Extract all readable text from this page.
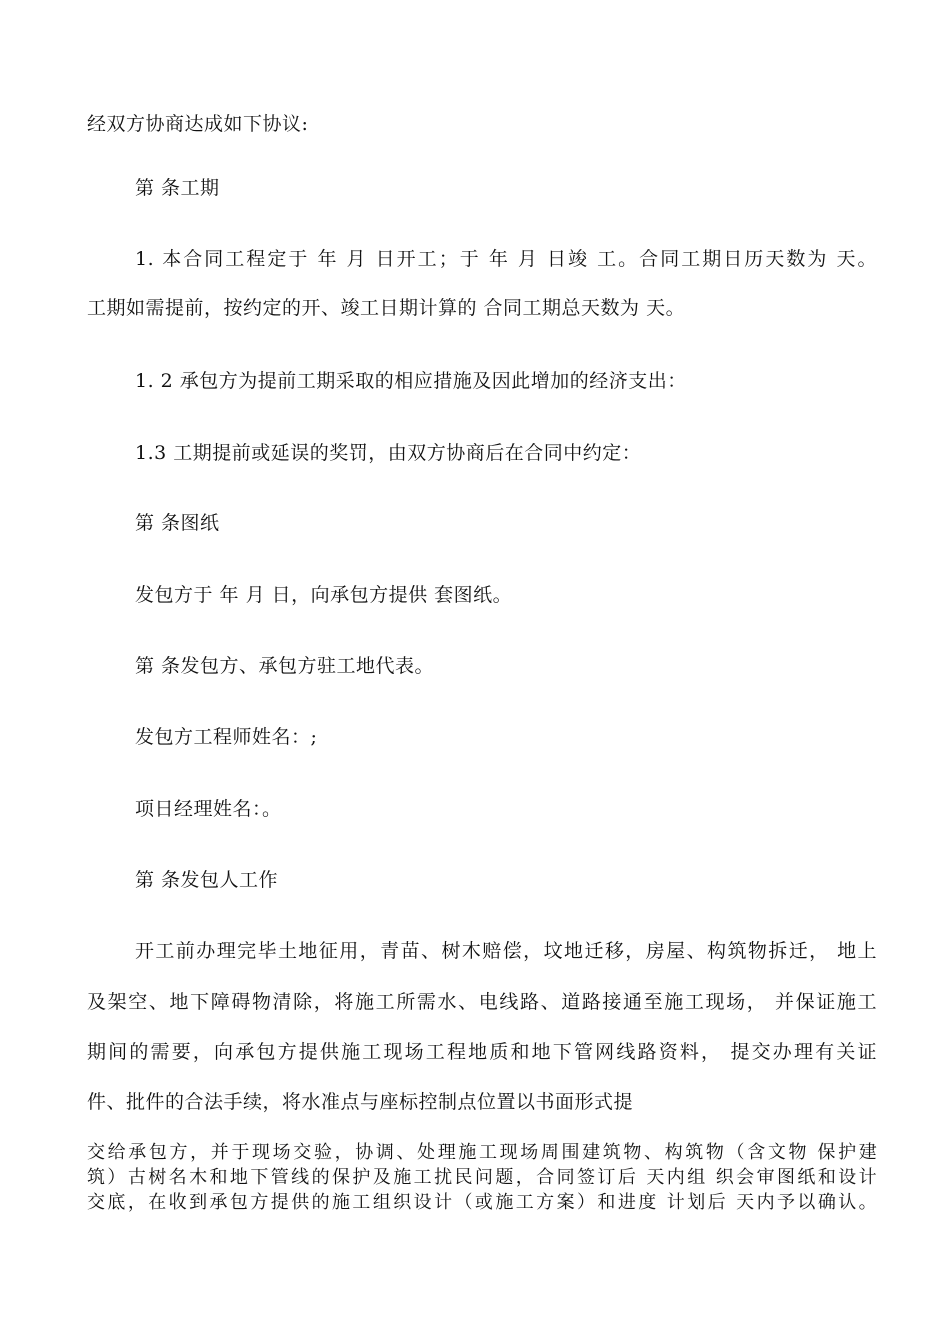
经双方协商达成如下协议:

第 条工期

1. 本合同工程定于 年 月 日开工；于 年 月 日竣 工。合同工期日历天数为 天。

工期如需提前，按约定的开、竣工日期计算的 合同工期总天数为 天。

1. 2 承包方为提前工期采取的相应措施及因此增加的经济支出：

1.3 工期提前或延误的奖罚，由双方协商后在合同中约定：

第 条图纸

发包方于 年 月 日，向承包方提供 套图纸。

第 条发包方、承包方驻工地代表。

发包方工程师姓名：;

项日经理姓名：。

第 条发包人工作

开工前办理完毕土地征用，青苗、树木赔偿，坟地迁移，房屋、构筑物拆迁， 地上

及架空、地下障碍物清除，将施工所需水、电线路、道路接通至施工现场， 并保证施工

期间的需要，向承包方提供施工现场工程地质和地下管网线路资料， 提交办理有关证

件、批件的合法手续，将水准点与座标控制点位置以书面形式提

交给承包方，并于现场交验，协调、处理施工现场周围建筑物、构筑物（含文物 保护建

筑）古树名木和地下管线的保护及施工扰民问题，合同签订后 天内组 织会审图纸和设计

交底，在收到承包方提供的施工组织设计（或施工方案）和进度 计划后 天内予以确认。
